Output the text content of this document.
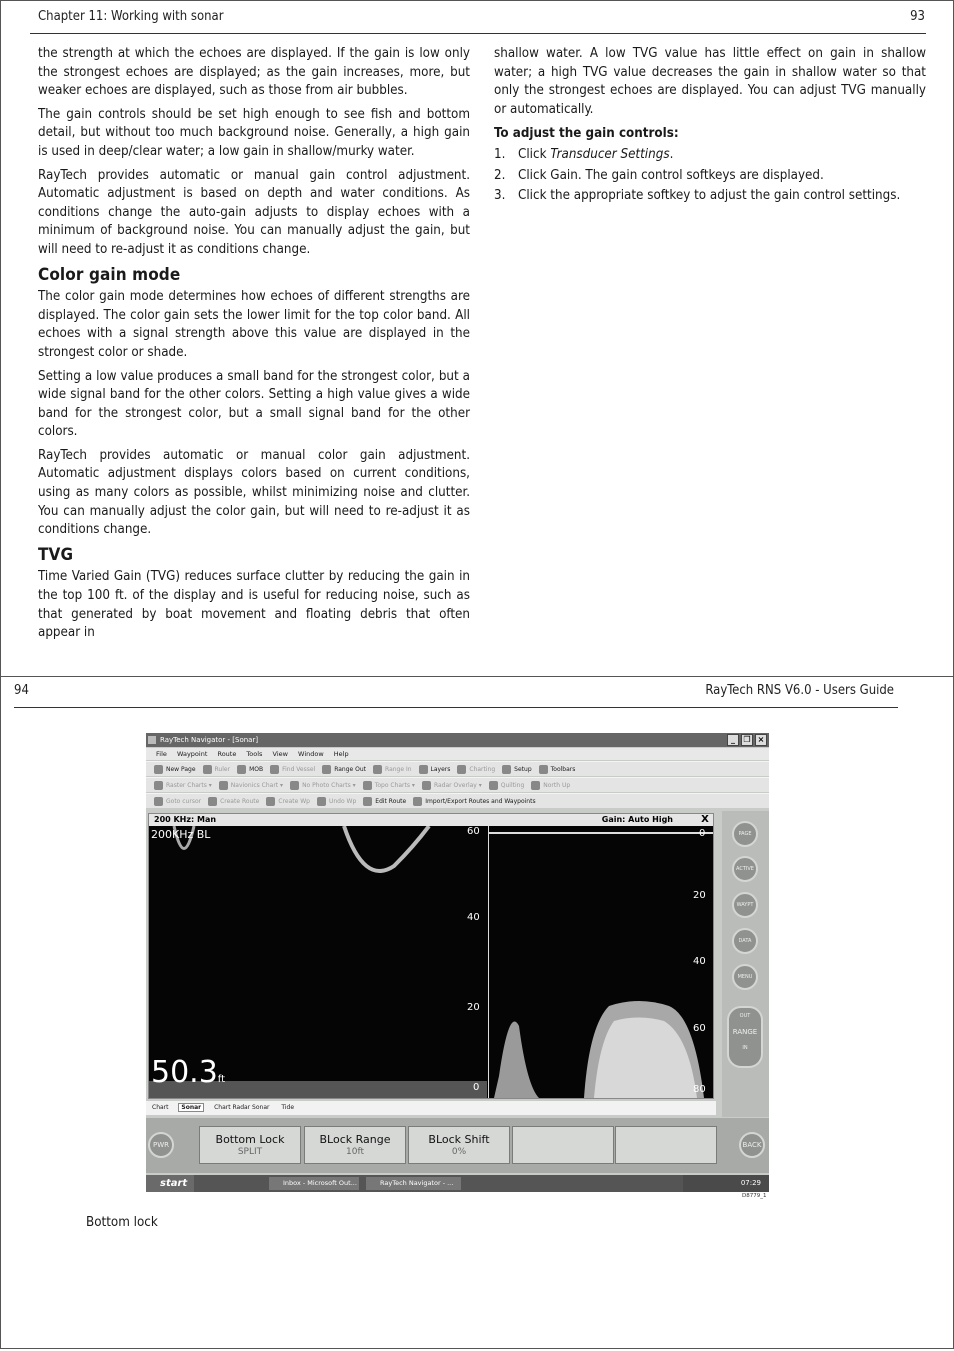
Chapter 11: Working with sonar	93

the strength at which the echoes are displayed. If the gain is low only the strongest echoes are displayed; as the gain increases, more, but weaker echoes are displayed, such as those from air bubbles.

The gain controls should be set high enough to see fish and bottom detail, but without too much background noise. Generally, a high gain is used in deep/clear water; a low gain in shallow/murky water.

RayTech provides automatic or manual gain control adjustment. Automatic adjustment is based on depth and water conditions. As conditions change the auto-gain adjusts to display echoes with a minimum of background noise. You can manually adjust the gain, but will need to re-adjust it as conditions change.

Color gain mode

The color gain mode determines how echoes of different strengths are displayed. The color gain sets the lower limit for the top color band. All echoes with a signal strength above this value are displayed in the strongest color or shade.

Setting a low value produces a small band for the strongest color, but a wide signal band for the other colors. Setting a high value gives a wide band for the strongest color, but a small signal band for the other colors.

RayTech provides automatic or manual color gain adjustment. Automatic adjustment displays colors based on current conditions, using as many colors as possible, whilst minimizing noise and clutter. You can manually adjust the color gain, but will need to re-adjust it as conditions change.

TVG

Time Varied Gain (TVG) reduces surface clutter by reducing the gain in the top 100 ft. of the display and is useful for reducing noise, such as that generated by boat movement and floating debris that often appear in

shallow water. A low TVG value has little effect on gain in shallow water; a high TVG value decreases the gain in shallow water so that only the strongest echoes are displayed. You can adjust TVG manually or automatically.

To adjust the gain controls:
1. Click Transducer Settings.
2. Click Gain. The gain control softkeys are displayed.
3. Click the appropriate softkey to adjust the gain control settings.
94	RayTech RNS V6.0 - Users Guide
RayTech Navigator - [Sonar]	_	❐ ×
File Waypoint Route Tools View Window Help
New Page	Ruler	MOB	Find Vessel	Range Out	Range In	Layers	Charting	Setup	Toolbars
Raster Charts ▾	Navionics Chart ▾	No Photo Charts ▾	Topo Charts ▾	Radar Overlay ▾	Quilting	North Up
Goto cursor	Create Route	Create Wp	Undo Wp	Edit Route	Import/Export Routes and Waypoints
200 KHz: Man	Gain: Auto High	X
200KHz BL	60
40
20
0
0
20
40
60
80
50.3ft
PAGE
ACTIVE
WAYPT
DATA
MENU
OUT
RANGE
IN
Chart Sonar Chart Radar Sonar Tide
PWR	Bottom Lock
SPLIT
BLock Range
10ft
BLock Shift
0%
BACK
start	Inbox - Microsoft Out...	RayTech Navigator - ...	07:29
D8779_1
Bottom lock
